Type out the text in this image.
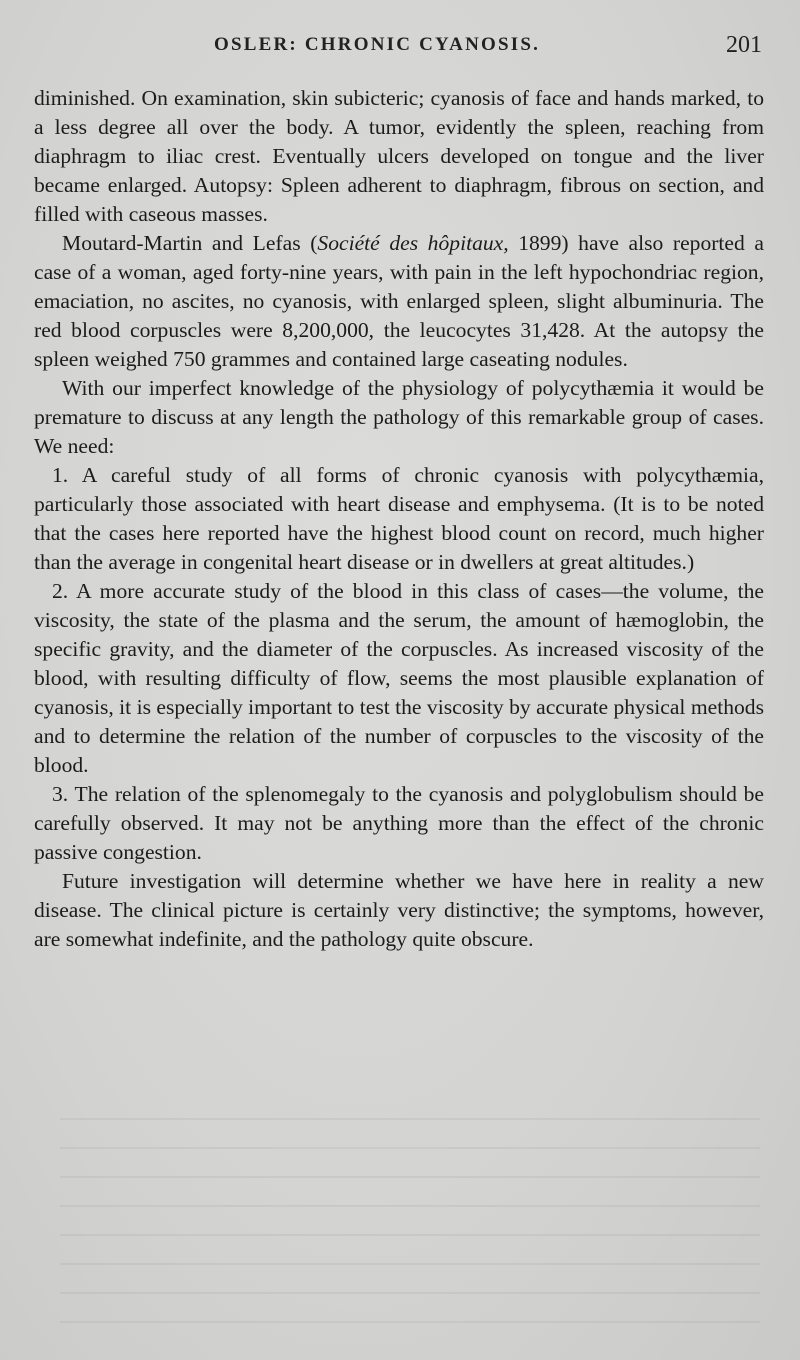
OSLER: CHRONIC CYANOSIS.	201

diminished. On examination, skin subicteric; cyanosis of face and hands marked, to a less degree all over the body. A tumor, evidently the spleen, reaching from diaphragm to iliac crest. Eventually ulcers developed on tongue and the liver became enlarged. Autopsy: Spleen adherent to diaphragm, fibrous on section, and filled with caseous masses.

Moutard-Martin and Lefas (Société des hôpitaux, 1899) have also reported a case of a woman, aged forty-nine years, with pain in the left hypochondriac region, emaciation, no ascites, no cyanosis, with enlarged spleen, slight albuminuria. The red blood corpuscles were 8,200,000, the leucocytes 31,428. At the autopsy the spleen weighed 750 grammes and contained large caseating nodules.

With our imperfect knowledge of the physiology of polycythæmia it would be premature to discuss at any length the pathology of this remarkable group of cases. We need:

1. A careful study of all forms of chronic cyanosis with polycythæmia, particularly those associated with heart disease and emphysema. (It is to be noted that the cases here reported have the highest blood count on record, much higher than the average in congenital heart disease or in dwellers at great altitudes.)

2. A more accurate study of the blood in this class of cases—the volume, the viscosity, the state of the plasma and the serum, the amount of hæmoglobin, the specific gravity, and the diameter of the corpuscles. As increased viscosity of the blood, with resulting difficulty of flow, seems the most plausible explanation of cyanosis, it is especially important to test the viscosity by accurate physical methods and to determine the relation of the number of corpuscles to the viscosity of the blood.

3. The relation of the splenomegaly to the cyanosis and polyglobulism should be carefully observed. It may not be anything more than the effect of the chronic passive congestion.

Future investigation will determine whether we have here in reality a new disease. The clinical picture is certainly very distinctive; the symptoms, however, are somewhat indefinite, and the pathology quite obscure.
